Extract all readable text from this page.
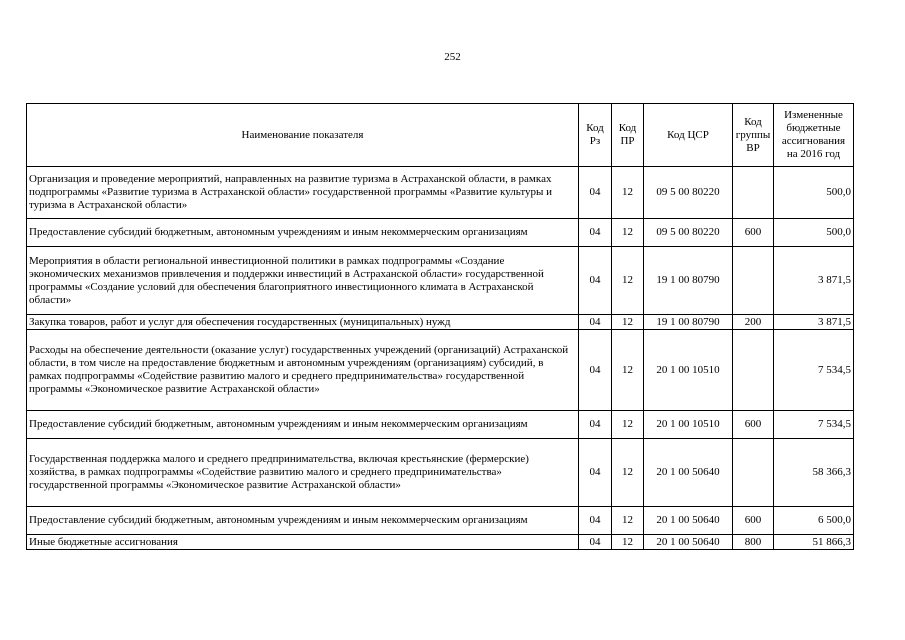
252
Наименование показателя	Код Рз	Код ПР	Код ЦСР	Код группы ВР	Измененные бюджетные ассигнования на 2016 год
Организация и проведение мероприятий, направленных на развитие туризма в Астраханской области, в рамках подпрограммы «Развитие туризма в Астраханской области» государственной программы «Развитие культуры и туризма в Астраханской области»	04	12	09 5 00 80220		500,0
Предоставление субсидий бюджетным, автономным учреждениям и иным некоммерческим организациям	04	12	09 5 00 80220	600	500,0
Мероприятия в области региональной инвестиционной политики в рамках подпрограммы «Создание экономических механизмов привлечения и поддержки инвестиций в Астраханской области» государственной программы «Создание условий для обеспечения благоприятного инвестиционного климата в Астраханской области»	04	12	19 1 00 80790		3 871,5
Закупка товаров, работ и услуг для обеспечения государственных (муниципальных) нужд	04	12	19 1 00 80790	200	3 871,5
Расходы на обеспечение деятельности (оказание услуг) государственных учреждений (организаций) Астраханской области, в том числе на предоставление бюджетным и автономным учреждениям (организациям) субсидий, в рамках подпрограммы «Содействие развитию малого и среднего предпринимательства» государственной программы «Экономическое развитие Астраханской области»	04	12	20 1 00 10510		7 534,5
Предоставление субсидий бюджетным, автономным учреждениям и иным некоммерческим организациям	04	12	20 1 00 10510	600	7 534,5
Государственная поддержка малого и среднего предпринимательства, включая крестьянские (фермерские) хозяйства, в рамках подпрограммы «Содействие развитию малого и среднего предпринимательства» государственной программы «Экономическое развитие Астраханской области»	04	12	20 1 00 50640		58 366,3
Предоставление субсидий бюджетным, автономным учреждениям и иным некоммерческим организациям	04	12	20 1 00 50640	600	6 500,0
Иные бюджетные ассигнования	04	12	20 1 00 50640	800	51 866,3
